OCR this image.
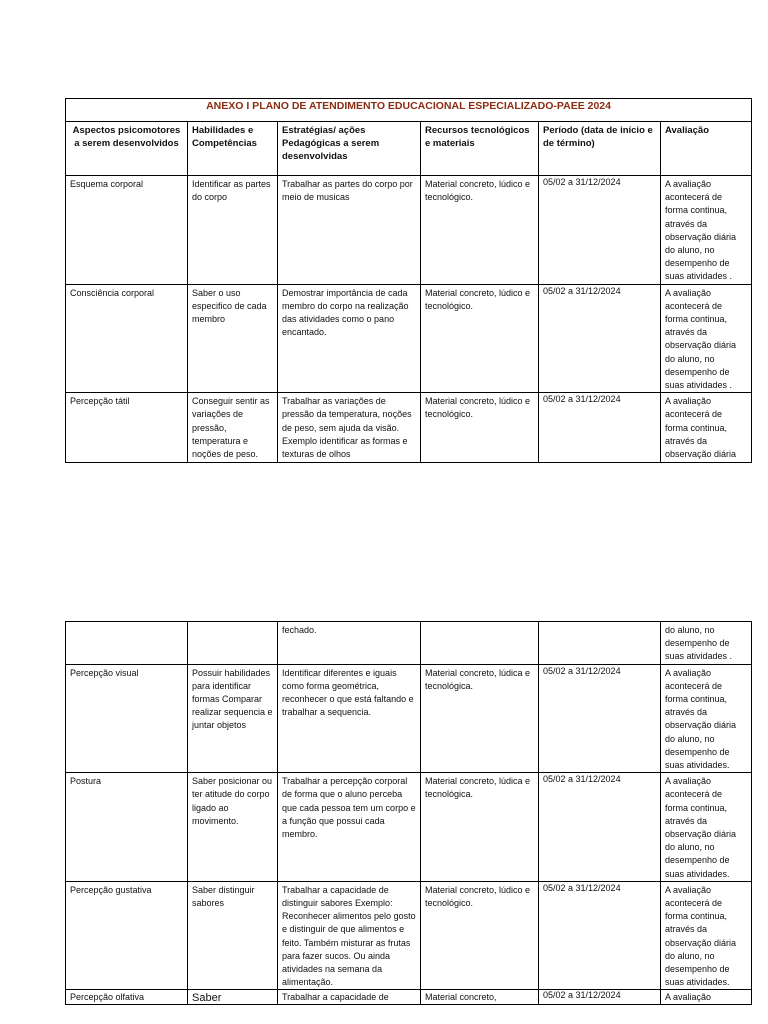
ANEXO I PLANO DE ATENDIMENTO EDUCACIONAL ESPECIALIZADO-PAEE 2024					
Aspectos psicomotores a serem desenvolvidos	Habilidades e Competências	Estratégias/ ações Pedagógicas a serem desenvolvidas	Recursos tecnológicos e materiais	Período (data de início e de término)	Avaliação
Esquema corporal	Identificar as partes do corpo	Trabalhar as partes do corpo por meio de musicas	Material concreto, lúdico e tecnológico.	05/02 a 31/12/2024	A avaliação acontecerá de forma continua, através da observação diária do aluno, no desempenho de suas atividades .
Consciência corporal	Saber o uso especifico de cada membro	Demostrar importância de cada membro do corpo na realização das atividades como o pano encantado.	Material concreto, lúdico e tecnológico.	05/02 a 31/12/2024	A avaliação acontecerá de forma continua, através da observação diária do aluno, no desempenho de suas atividades .
Percepção tátil	Conseguir sentir as variações de pressão, temperatura e noções de peso.	Trabalhar as variações de pressão da temperatura, noções de peso, sem ajuda da visão. Exemplo identificar as formas e texturas de olhos	Material concreto, lúdico e tecnológico.	05/02 a 31/12/2024	A avaliação acontecerá de forma continua, através da observação diária
		fechado.			do aluno, no desempenho de suas atividades .
Percepção visual	Possuir habilidades para identificar formas Comparar realizar sequencia e juntar objetos	Identificar diferentes e iguais como forma geométrica, reconhecer o que está faltando e trabalhar a sequencia.	Material concreto, lúdica e tecnológica.	05/02 a 31/12/2024	A avaliação acontecerá de forma continua, através da observação diária do aluno, no desempenho de suas atividades.
Postura	Saber posicionar ou ter atitude do corpo ligado ao movimento.	Trabalhar a percepção corporal de forma que o aluno perceba que cada pessoa tem um corpo e a função que possui cada membro.	Material concreto, lúdica e tecnológica.	05/02 a 31/12/2024	A avaliação acontecerá de forma continua, através da observação diária do aluno, no desempenho de suas atividades.
Percepção gustativa	Saber distinguir sabores	Trabalhar a capacidade de distinguir sabores Exemplo: Reconhecer alimentos pelo gosto e distinguir de que alimentos e feito. Também misturar as frutas para fazer sucos. Ou ainda atividades na semana da alimentação.	Material concreto, lúdico e tecnológico.	05/02 a 31/12/2024	A avaliação acontecerá de forma continua, através da observação diária do aluno, no desempenho de suas atividades.
Percepção olfativa	Saber	Trabalhar a capacidade de	Material concreto,	05/02 a 31/12/2024	A avaliação
